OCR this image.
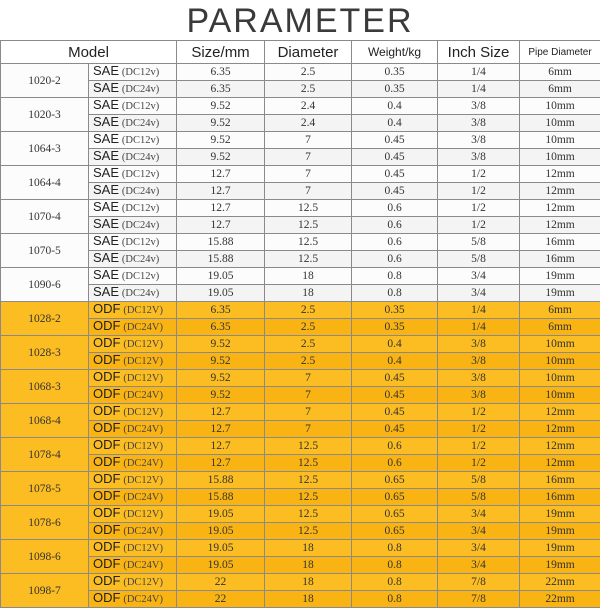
PARAMETER
Model		Size/mm	Diameter	Weight/kg	Inch Size	Pipe Diameter
1020-2	SAE (DC12v)	6.35	2.5	0.35	1/4	6mm
	SAE (DC24v)	6.35	2.5	0.35	1/4	6mm
1020-3	SAE (DC12v)	9.52	2.4	0.4	3/8	10mm
	SAE (DC24v)	9.52	2.4	0.4	3/8	10mm
1064-3	SAE (DC12v)	9.52	7	0.45	3/8	10mm
	SAE (DC24v)	9.52	7	0.45	3/8	10mm
1064-4	SAE (DC12v)	12.7	7	0.45	1/2	12mm
	SAE (DC24v)	12.7	7	0.45	1/2	12mm
1070-4	SAE (DC12v)	12.7	12.5	0.6	1/2	12mm
	SAE (DC24v)	12.7	12.5	0.6	1/2	12mm
1070-5	SAE (DC12v)	15.88	12.5	0.6	5/8	16mm
	SAE (DC24v)	15.88	12.5	0.6	5/8	16mm
1090-6	SAE (DC12v)	19.05	18	0.8	3/4	19mm
	SAE (DC24v)	19.05	18	0.8	3/4	19mm
1028-2	ODF (DC12V)	6.35	2.5	0.35	1/4	6mm
	ODF (DC24V)	6.35	2.5	0.35	1/4	6mm
1028-3	ODF (DC12V)	9.52	2.5	0.4	3/8	10mm
	ODF (DC12V)	9.52	2.5	0.4	3/8	10mm
1068-3	ODF (DC12V)	9.52	7	0.45	3/8	10mm
	ODF (DC24V)	9.52	7	0.45	3/8	10mm
1068-4	ODF (DC12V)	12.7	7	0.45	1/2	12mm
	ODF (DC24V)	12.7	7	0.45	1/2	12mm
1078-4	ODF (DC12V)	12.7	12.5	0.6	1/2	12mm
	ODF (DC24V)	12.7	12.5	0.6	1/2	12mm
1078-5	ODF (DC12V)	15.88	12.5	0.65	5/8	16mm
	ODF (DC24V)	15.88	12.5	0.65	5/8	16mm
1078-6	ODF (DC12V)	19.05	12.5	0.65	3/4	19mm
	ODF (DC24V)	19.05	12.5	0.65	3/4	19mm
1098-6	ODF (DC12V)	19.05	18	0.8	3/4	19mm
	ODF (DC24V)	19.05	18	0.8	3/4	19mm
1098-7	ODF (DC12V)	22	18	0.8	7/8	22mm
	ODF (DC24V)	22	18	0.8	7/8	22mm
